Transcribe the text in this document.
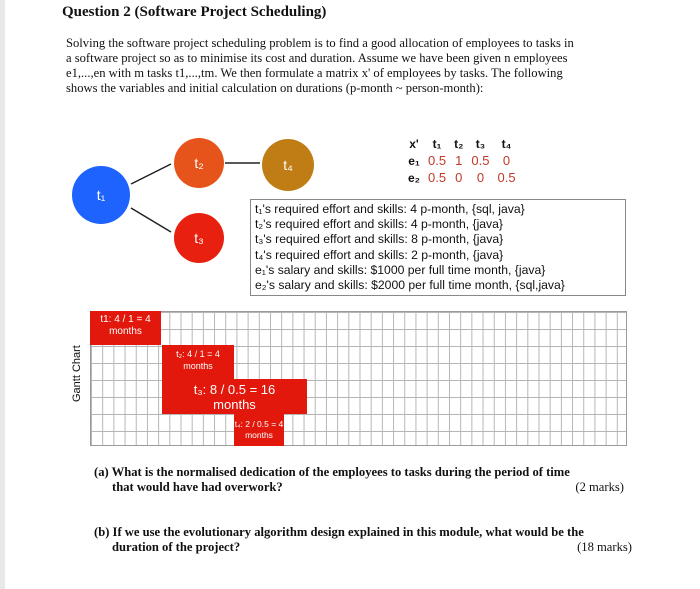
Question 2 (Software Project Scheduling)
Solving the software project scheduling problem is to find a good allocation of employees to tasks in
a software project so as to minimise its cost and duration. Assume we have been given n employees
e1,...,en with m tasks t1,...,tm. We then formulate a matrix x' of employees by tasks. The following
shows the variables and initial calculation on durations (p-month ~ person-month):
t₁
t₂
t₃
t₄
x'	t₁	t₂	t₃	t₄
e₁	0.5	1	0.5	0
e₂	0.5	0	0	0.5
t₁'s required effort and skills: 4 p-month, {sql, java}
t₂'s required effort and skills: 4 p-month, {java}
t₃'s required effort and skills: 8 p-month, {java}
t₄'s required effort and skills: 2 p-month, {java}
e₁'s salary and skills: $1000 per full time month, {java}
e₂'s salary and skills: $2000 per full time month, {sql,java}
Gantt Chart
t1: 4 / 1 = 4
months
t₂: 4 / 1 = 4
months
t₃: 8 / 0.5 = 16
months
t₄: 2 / 0.5 = 4
months
(a) What is the normalised dedication of the employees to tasks during the period of time
that would have had overwork?	(2 marks)
(b) If we use the evolutionary algorithm design explained in this module, what would be the
duration of the project?	(18 marks)
